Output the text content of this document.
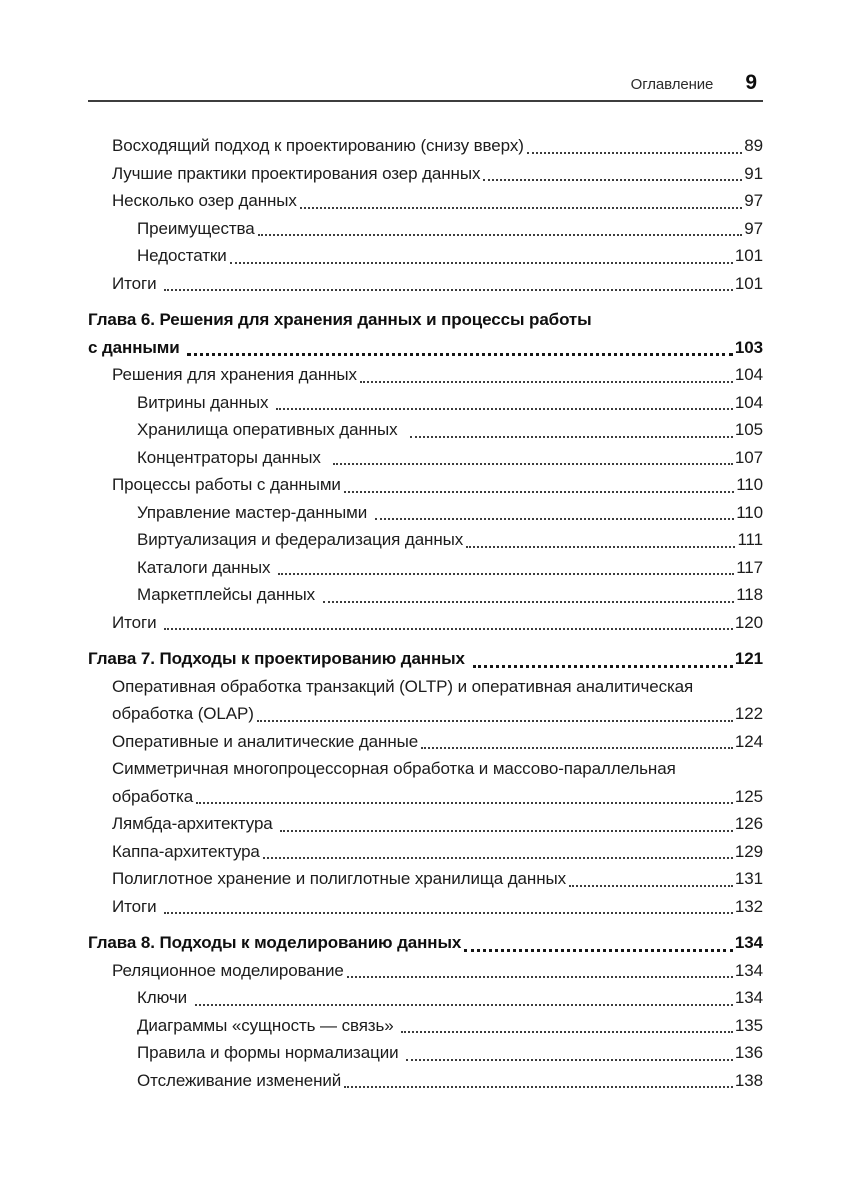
Оглавление 9
Восходящий подход к проектированию (снизу вверх)	89
Лучшие практики проектирования озер данных	91
Несколько озер данных	97
Преимущества	97
Недостатки	101
Итоги	101
Глава 6. Решения для хранения данных и процессы работы
с данными	103
Решения для хранения данных	104
Витрины данных	104
Хранилища оперативных данных	105
Концентраторы данных	107
Процессы работы с данными	110
Управление мастер-данными	110
Виртуализация и федерализация данных	111
Каталоги данных	117
Маркетплейсы данных	118
Итоги	120
Глава 7. Подходы к проектированию данных	121
Оперативная обработка транзакций (OLTP) и оперативная аналитическая
обработка (OLAP)	122
Оперативные и аналитические данные	124
Симметричная многопроцессорная обработка и массово-параллельная
обработка	125
Лямбда-архитектура	126
Каппа-архитектура	129
Полиглотное хранение и полиглотные хранилища данных	131
Итоги	132
Глава 8. Подходы к моделированию данных	134
Реляционное моделирование	134
Ключи	134
Диаграммы «сущность — связь»	135
Правила и формы нормализации	136
Отслеживание изменений	138
